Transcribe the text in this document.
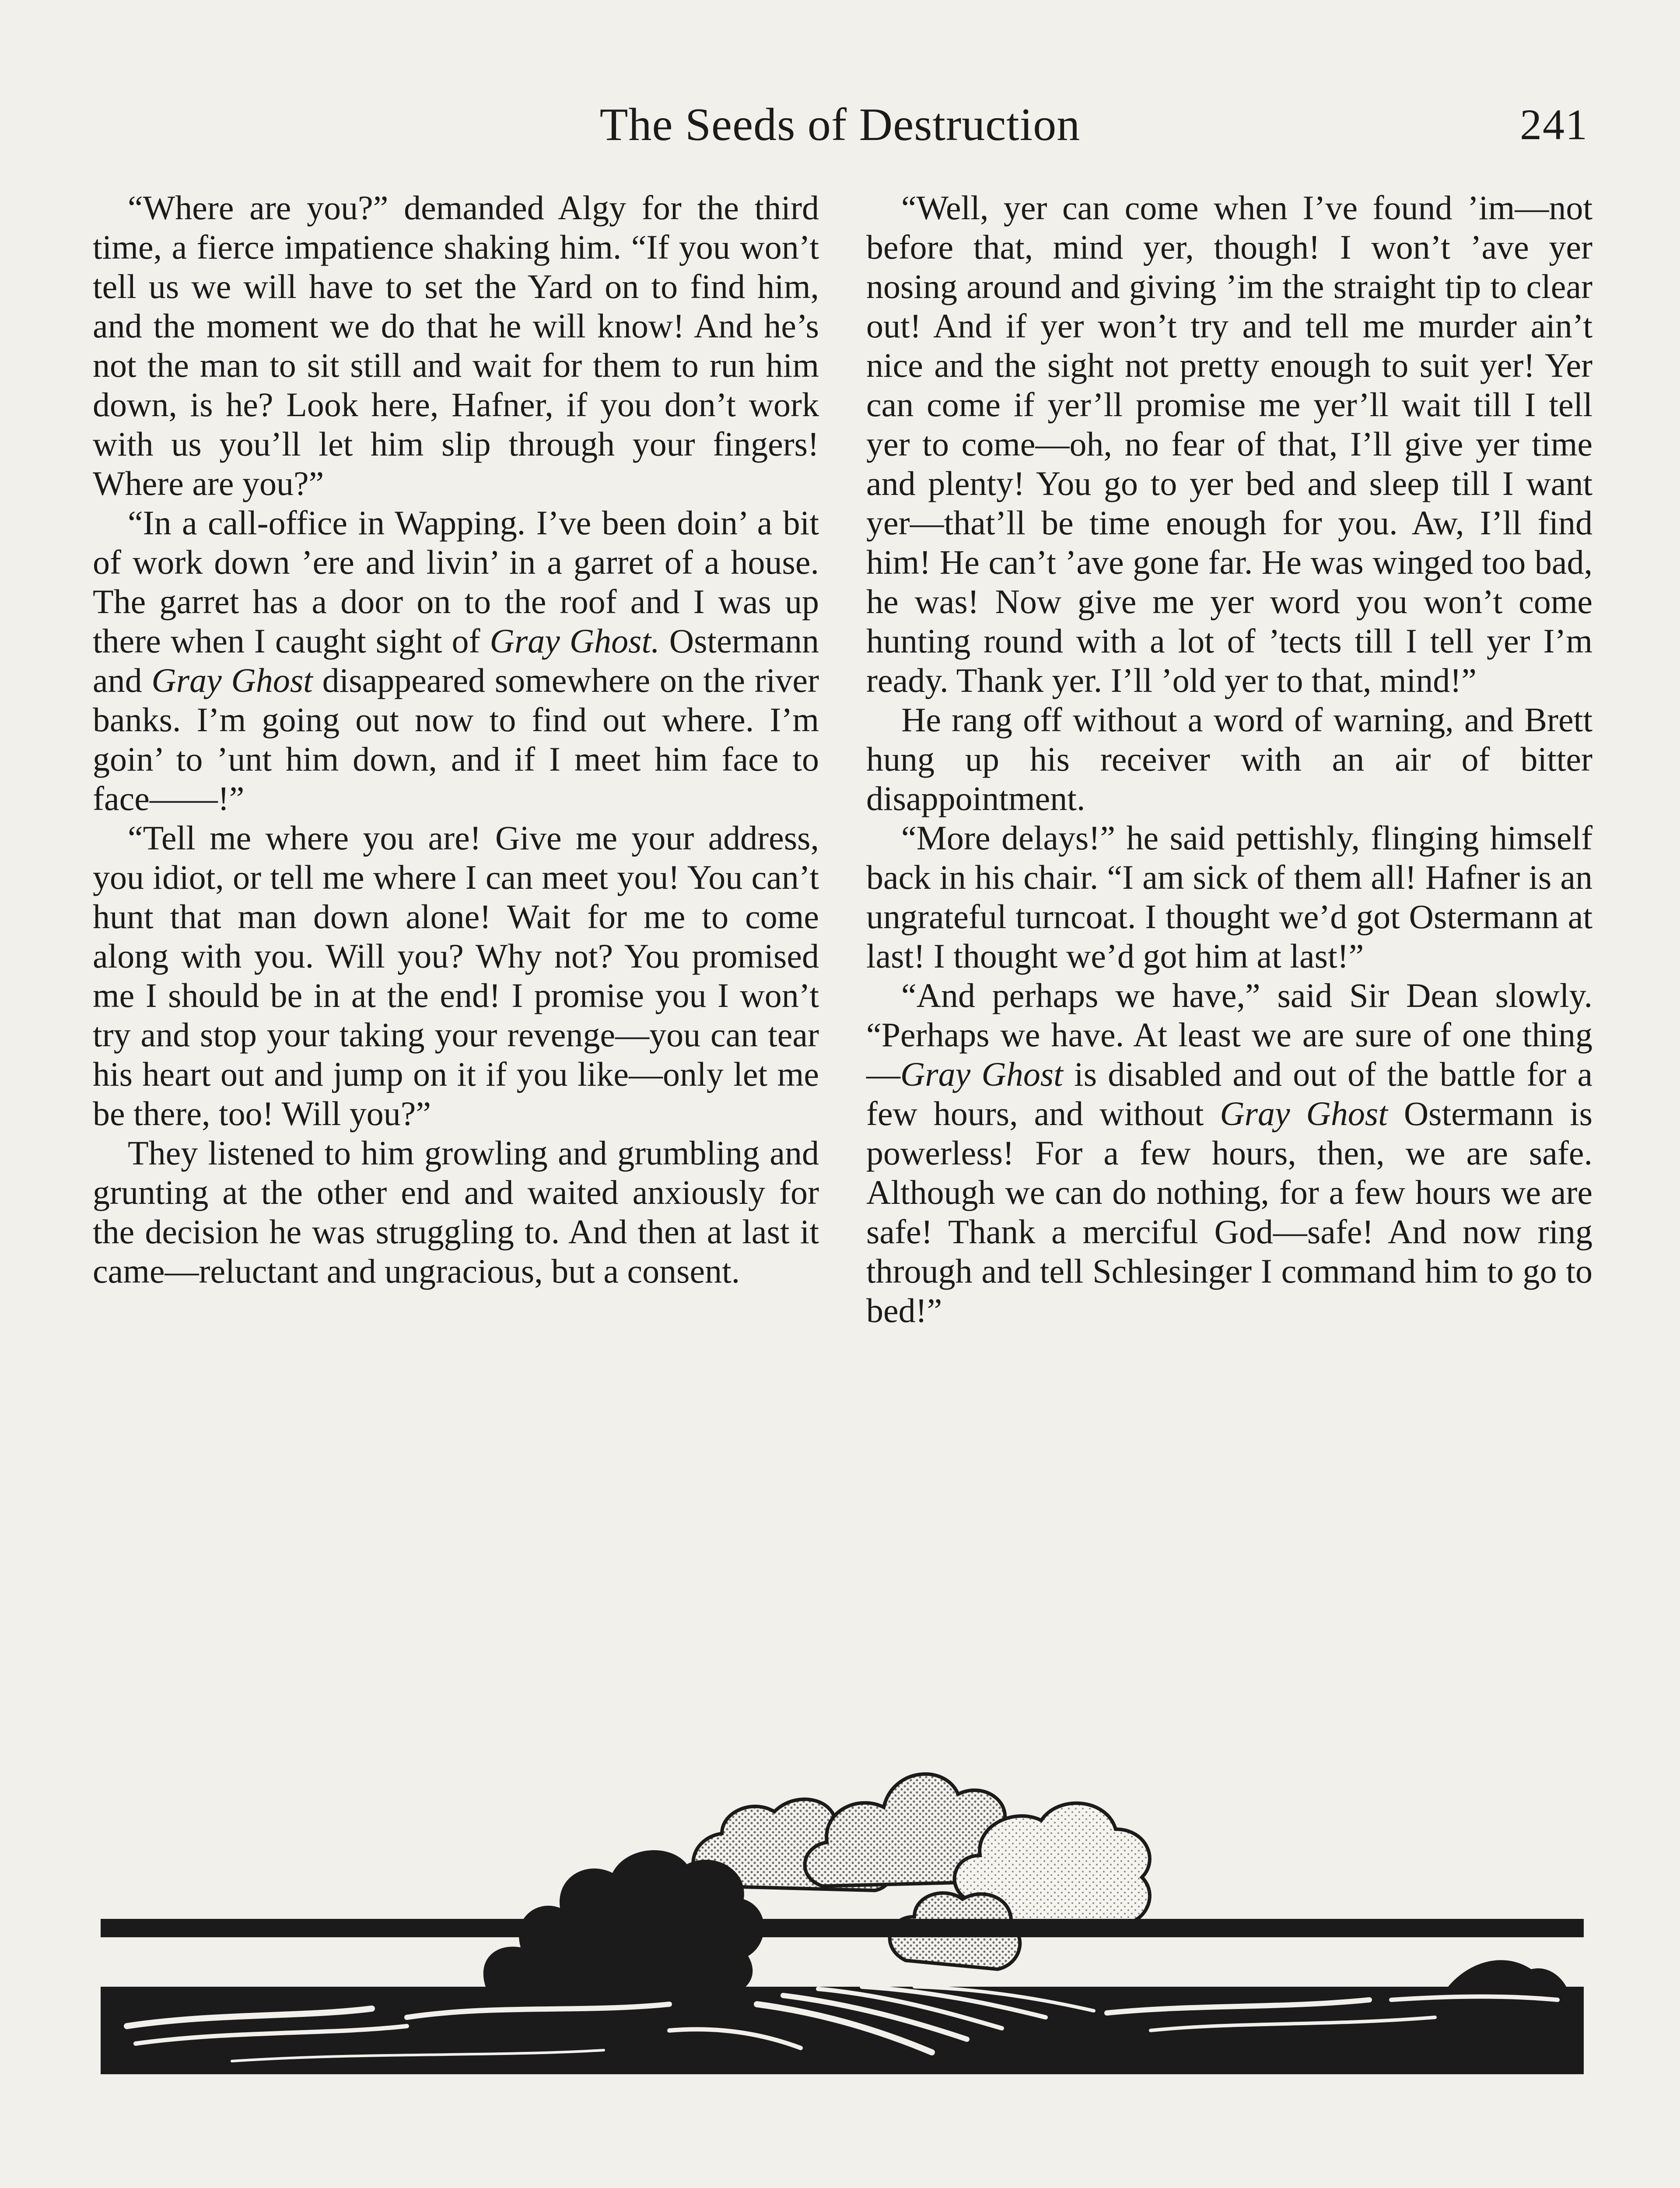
The Seeds of Destruction	241

“Where are you?” demanded Algy for the third time, a fierce impatience shaking him. “If you won’t tell us we will have to set the Yard on to find him, and the moment we do that he will know! And he’s not the man to sit still and wait for them to run him down, is he? Look here, Hafner, if you don’t work with us you’ll let him slip through your fingers! Where are you?”

“In a call-office in Wapping. I’ve been doin’ a bit of work down ’ere and livin’ in a garret of a house. The garret has a door on to the roof and I was up there when I caught sight of Gray Ghost. Ostermann and Gray Ghost disappeared somewhere on the river banks. I’m going out now to find out where. I’m goin’ to ’unt him down, and if I meet him face to face——!”

“Tell me where you are! Give me your address, you idiot, or tell me where I can meet you! You can’t hunt that man down alone! Wait for me to come along with you. Will you? Why not? You promised me I should be in at the end! I promise you I won’t try and stop your taking your revenge—you can tear his heart out and jump on it if you like—only let me be there, too! Will you?”

They listened to him growling and grumbling and grunting at the other end and waited anxiously for the decision he was struggling to. And then at last it came—reluctant and ungracious, but a consent.

“Well, yer can come when I’ve found ’im—not before that, mind yer, though! I won’t ’ave yer nosing around and giving ’im the straight tip to clear out! And if yer won’t try and tell me murder ain’t nice and the sight not pretty enough to suit yer! Yer can come if yer’ll promise me yer’ll wait till I tell yer to come—oh, no fear of that, I’ll give yer time and plenty! You go to yer bed and sleep till I want yer—that’ll be time enough for you. Aw, I’ll find him! He can’t ’ave gone far. He was winged too bad, he was! Now give me yer word you won’t come hunting round with a lot of ’tects till I tell yer I’m ready. Thank yer. I’ll ’old yer to that, mind!”

He rang off without a word of warning, and Brett hung up his receiver with an air of bitter disappointment.

“More delays!” he said pettishly, flinging himself back in his chair. “I am sick of them all! Hafner is an ungrateful turncoat. I thought we’d got Ostermann at last! I thought we’d got him at last!”

“And perhaps we have,” said Sir Dean slowly. “Perhaps we have. At least we are sure of one thing—Gray Ghost is disabled and out of the battle for a few hours, and without Gray Ghost Ostermann is powerless! For a few hours, then, we are safe. Although we can do nothing, for a few hours we are safe! Thank a merciful God—safe! And now ring through and tell Schlesinger I command him to go to bed!”
